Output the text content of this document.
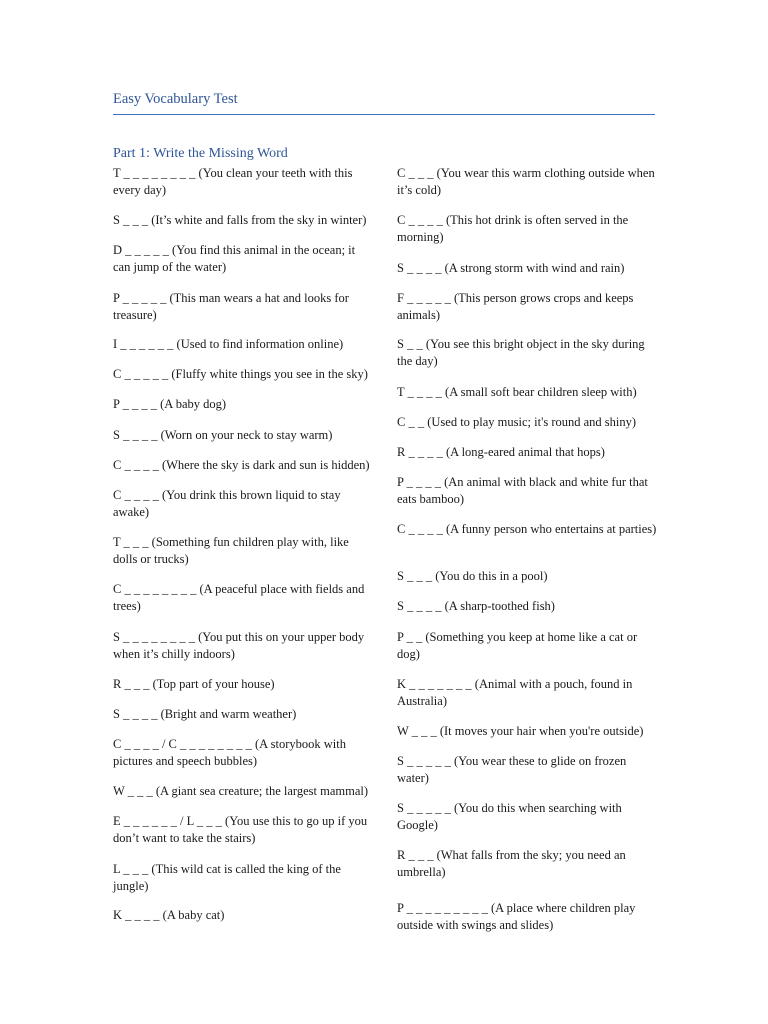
Easy Vocabulary Test
Part 1: Write the Missing Word
T _ _ _ _ _ _ _ _ (You clean your teeth with this every day)
S _ _ _ (It’s white and falls from the sky in winter)
D _ _ _ _ _ (You find this animal in the ocean; it can jump of the water)
P _ _ _ _ _ (This man wears a hat and looks for treasure)
I _ _ _ _ _ _ (Used to find information online)
C _ _ _ _ _ (Fluffy white things you see in the sky)
P _ _ _ _ (A baby dog)
S _ _ _ _ (Worn on your neck to stay warm)
C _ _ _ _ (Where the sky is dark and sun is hidden)
C _ _ _ _ (You drink this brown liquid to stay awake)
T _ _ _ (Something fun children play with, like dolls or trucks)
C _ _ _ _ _ _ _ _ (A peaceful place with fields and trees)
S _ _ _ _ _ _ _ _ (You put this on your upper body when it’s chilly indoors)
R _ _ _ (Top part of your house)
S _ _ _ _ (Bright and warm weather)
C _ _ _ _ / C _ _ _ _ _ _ _ _ (A storybook with pictures and speech bubbles)
W _ _ _ (A giant sea creature; the largest mammal)
E _ _ _ _ _ _ / L _ _ _ (You use this to go up if you don’t want to take the stairs)
L _ _ _ (This wild cat is called the king of the jungle)
K _ _ _ _ (A baby cat)
C _ _ _ (You wear this warm clothing outside when it’s cold)
C _ _ _ _ (This hot drink is often served in the morning)
S _ _ _ _ (A strong storm with wind and rain)
F _ _ _ _ _ (This person grows crops and keeps animals)
S _ _ (You see this bright object in the sky during the day)
T _ _ _ _ (A small soft bear children sleep with)
C _ _ (Used to play music; it's round and shiny)
R _ _ _ _ (A long-eared animal that hops)
P _ _ _ _ (An animal with black and white fur that eats bamboo)
C _ _ _ _ (A funny person who entertains at parties)
S _ _ _ (You do this in a pool)
S _ _ _ _ (A sharp-toothed fish)
P _ _ (Something you keep at home like a cat or dog)
K _ _ _ _ _ _ _ (Animal with a pouch, found in Australia)
W _ _ _ (It moves your hair when you're outside)
S _ _ _ _ _ (You wear these to glide on frozen water)
S _ _ _ _ _ (You do this when searching with Google)
R _ _ _ (What falls from the sky; you need an umbrella)
P _ _ _ _ _ _ _ _ _ (A place where children play outside with swings and slides)
